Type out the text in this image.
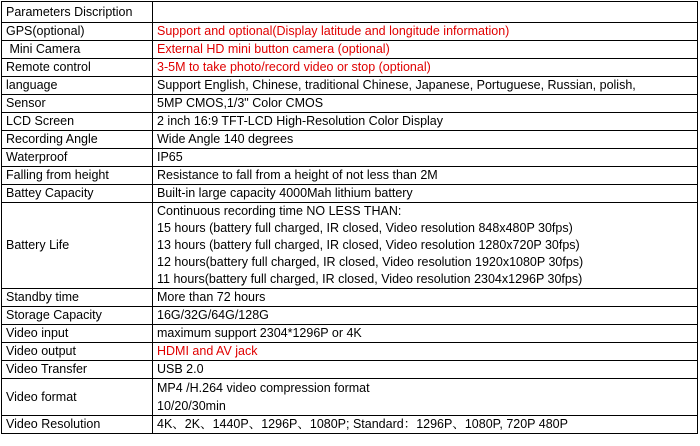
Parameters Discription	
GPS(optional)	Support and optional(Display latitude and longitude information)
Mini Camera	External HD mini button camera (optional)
Remote control	3-5M to take photo/record video or stop (optional)
language	Support English, Chinese, traditional Chinese, Japanese, Portuguese, Russian, polish,
Sensor	5MP CMOS,1/3" Color CMOS
LCD Screen	2 inch 16:9 TFT-LCD High-Resolution Color Display
Recording Angle	Wide Angle 140 degrees
Waterproof	IP65
Falling from height	Resistance to fall from a height of not less than 2M
Battey Capacity	Built-in large capacity 4000Mah lithium battery
Battery Life	Continuous recording time NO LESS THAN:
15 hours (battery full charged, IR closed, Video resolution 848x480P 30fps)
13 hours (battery full charged, IR closed, Video resolution 1280x720P 30fps)
12 hours(battery full charged, IR closed, Video resolution 1920x1080P 30fps)
11 hours(battery full charged, IR closed, Video resolution 2304x1296P 30fps)

Standby time	More than 72 hours
Storage Capacity	16G/32G/64G/128G
Video input	maximum support 2304*1296P or 4K
Video output	HDMI and AV jack
Video Transfer	USB 2.0
Video format	MP4 /H.264 video compression format
10/20/30min

Video Resolution	4K、2K、1440P、1296P、1080P; Standard：1296P、1080P, 720P 480P
